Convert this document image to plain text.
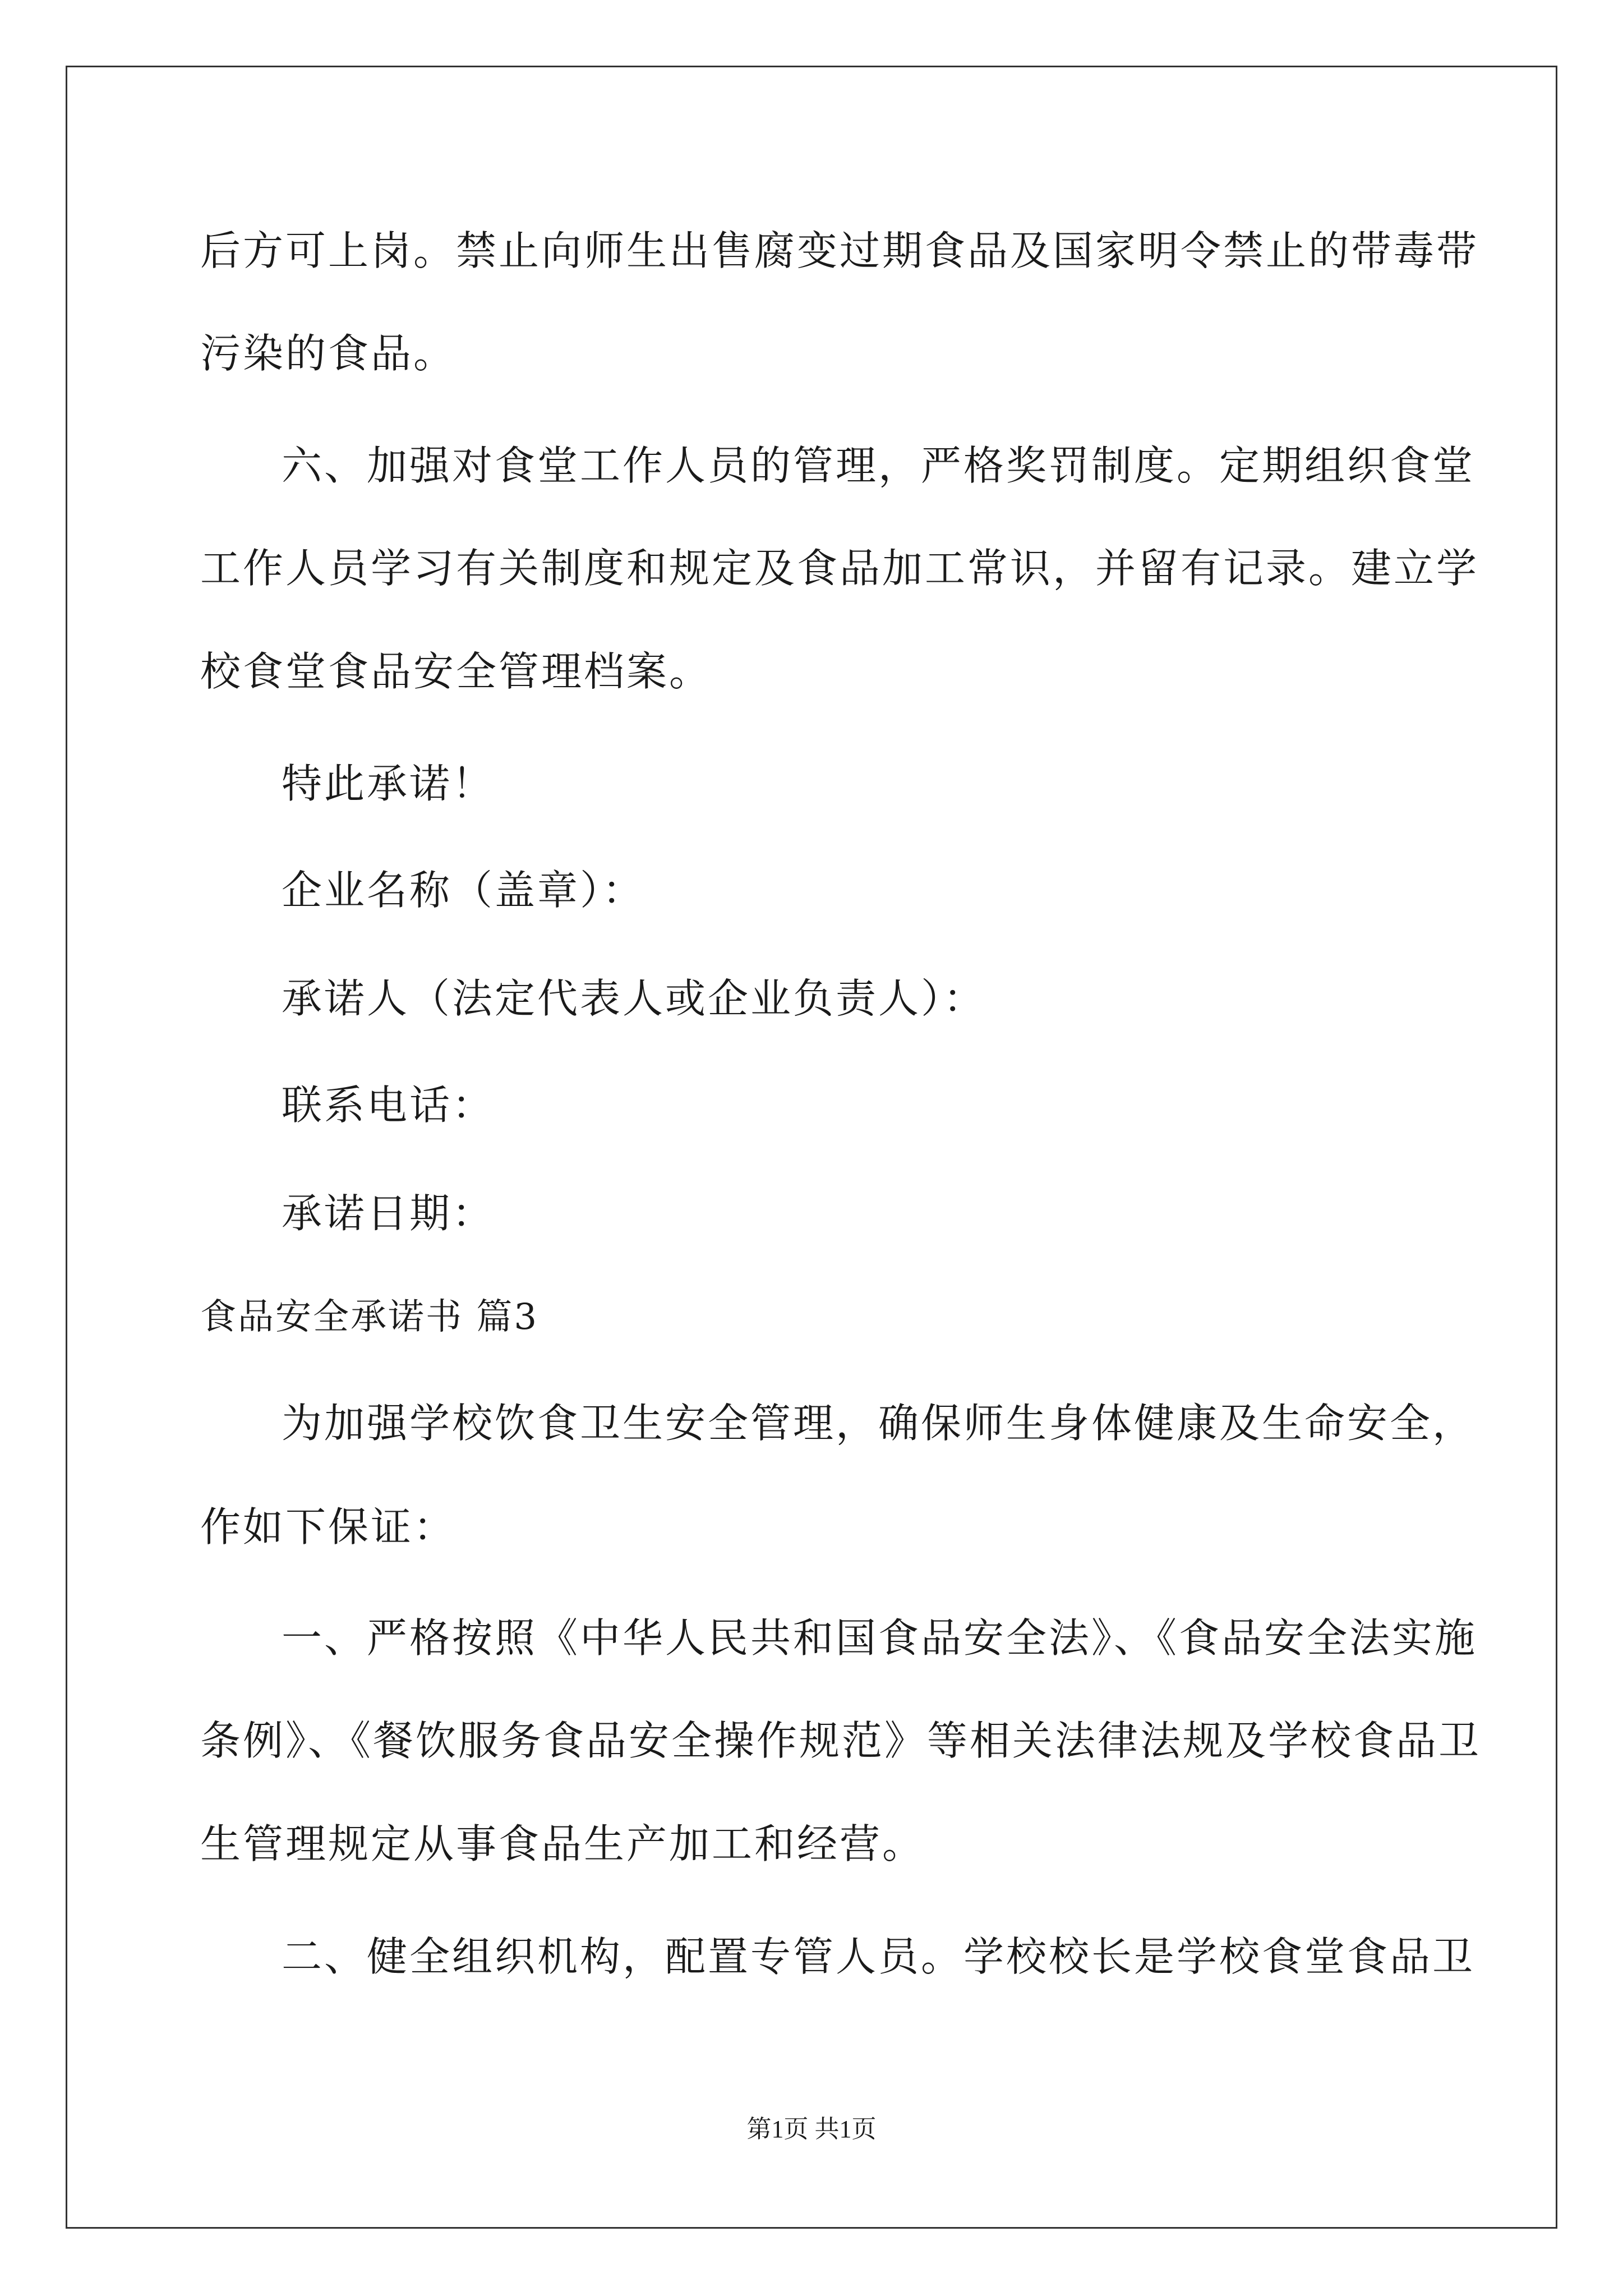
后方可上岗。禁止向师生出售腐变过期食品及国家明令禁止的带毒带
污染的食品。
六、加强对食堂工作人员的管理，严格奖罚制度。定期组织食堂
工作人员学习有关制度和规定及食品加工常识，并留有记录。建立学
校食堂食品安全管理档案。
特此承诺！
企业名称（盖章）：
承诺人（法定代表人或企业负责人）：
联系电话：
承诺日期：
食品安全承诺书 篇3
为加强学校饮食卫生安全管理，确保师生身体健康及生命安全，
作如下保证：
一、严格按照《中华人民共和国食品安全法》、《食品安全法实施
条例》、《餐饮服务食品安全操作规范》等相关法律法规及学校食品卫
生管理规定从事食品生产加工和经营。
二、健全组织机构，配置专管人员。学校校长是学校食堂食品卫
第1页 共1页
